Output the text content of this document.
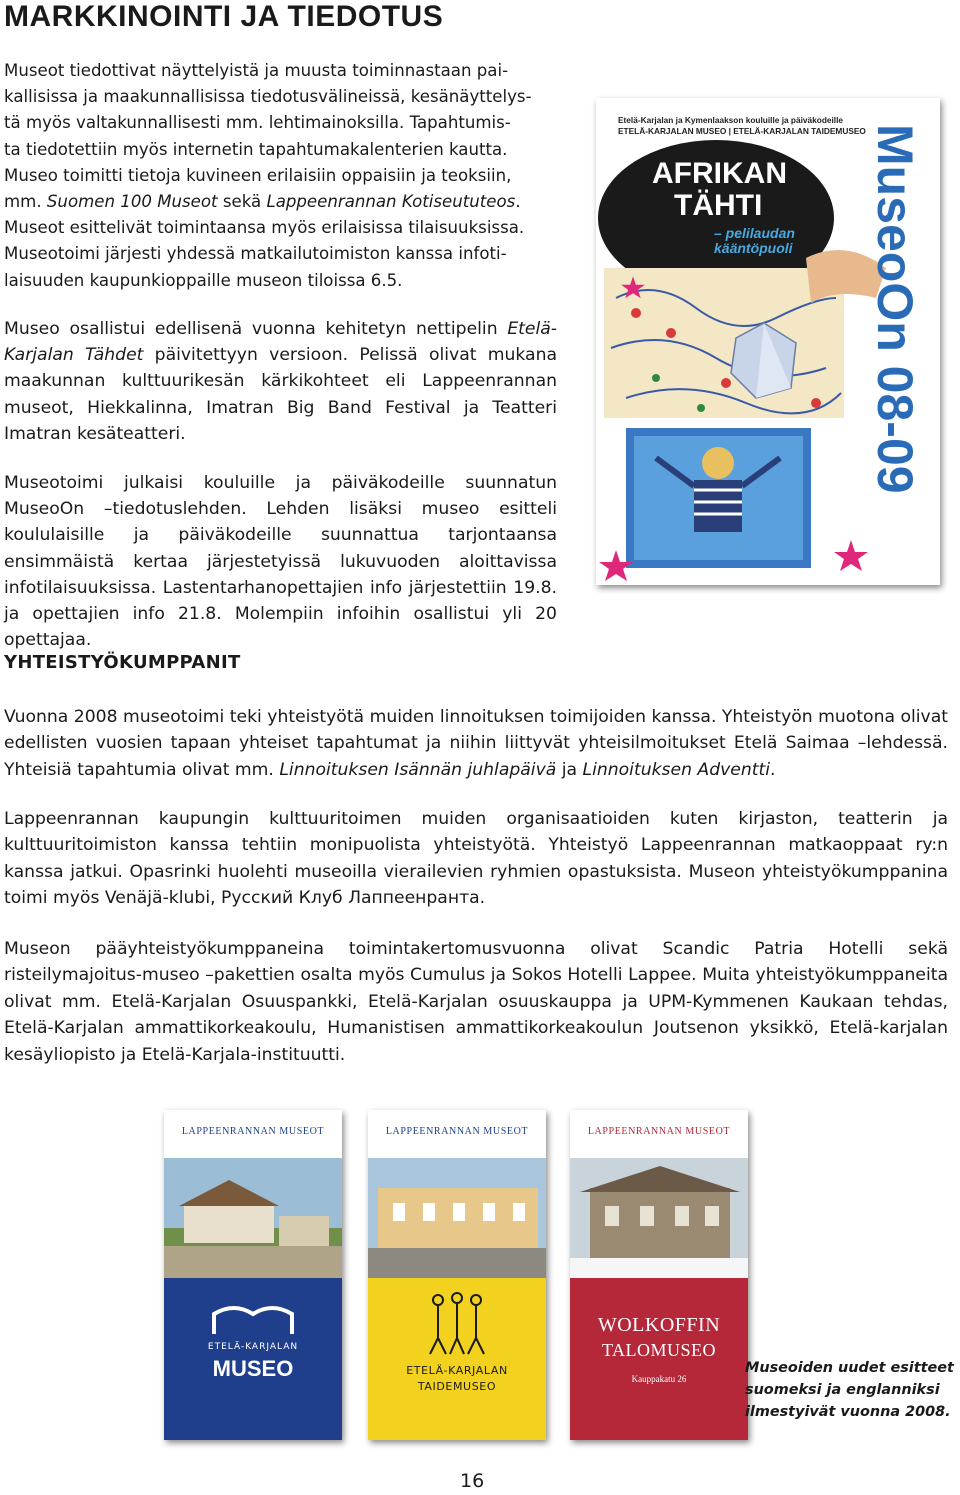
MARKKINOINTI JA TIEDOTUS
Museot tiedottivat näyttelyistä ja muusta toiminnastaan pai-
kallisissa ja maakunnallisissa tiedotusvälineissä, kesänäyttelys-
tä myös valtakunnallisesti mm. lehtimainoksilla. Tapahtumis-
ta tiedotettiin myös internetin tapahtumakalenterien kautta.
Museo toimitti tietoja kuvineen erilaisiin oppaisiin ja teoksiin,
mm. Suomen 100 Museot sekä Lappeenrannan Kotiseututeos.
Museot esittelivät toimintaansa myös erilaisissa tilaisuuksissa.
Museotoimi järjesti yhdessä matkailutoimiston kanssa infoti-
laisuuden kaupunkioppaille museon tiloissa 6.5.
Museo osallistui edellisenä vuonna kehitetyn nettipelin Etelä-Karjalan Tähdet päivitettyyn versioon. Pelissä olivat mukana maakunnan kulttuurikesän kärkikohteet eli Lappeenrannan museot, Hiekkalinna, Imatran Big Band Festival ja Teatteri Imatran kesäteatteri.
Museotoimi julkaisi kouluille ja päiväkodeille suunnatun MuseoOn –tiedotuslehden. Lehden lisäksi museo esitteli koululaisille ja päiväkodeille suunnattua tarjontaansa ensimmäistä kertaa järjestetyissä lukuvuoden aloittavissa infotilaisuuksissa. Lastentarhanopettajien info järjestettiin 19.8. ja opettajien info 21.8. Molempiin infoihin osallistui yli 20 opettajaa.
Etelä-Karjalan ja Kymenlaakson kouluille ja päiväkodeille
ETELÄ-KARJALAN MUSEO | ETELÄ-KARJALAN TAIDEMUSEO
AFRIKAN
TÄHTI
– pelilaudan
kääntöpuoli MuseoOn 08-09
YHTEISTYÖKUMPPANIT
Vuonna 2008 museotoimi teki yhteistyötä muiden linnoituksen toimijoiden kanssa. Yhteistyön muotona olivat edellisten vuosien tapaan yhteiset tapahtumat ja niihin liittyvät yhteisilmoitukset Etelä Saimaa –lehdessä. Yhteisiä tapahtumia olivat mm. Linnoituksen Isännän juhlapäivä ja Linnoituksen Adventti.
Lappeenrannan kaupungin kulttuuritoimen muiden organisaatioiden kuten kirjaston, teatterin ja kulttuuritoimiston kanssa tehtiin monipuolista yhteistyötä. Yhteistyö Lappeenrannan matkaoppaat ry:n kanssa jatkui. Opasrinki huolehti museoilla vierailevien ryhmien opastuksista. Museon yhteistyökumppanina toimi myös Venäjä-klubi, Русский Клуб Лаппеенранта.
Museon pääyhteistyökumppaneina toimintakertomusvuonna olivat Scandic Patria Hotelli sekä risteilymajoitus-museo –pakettien osalta myös Cumulus ja Sokos Hotelli Lappee. Muita yhteistyökumppaneita olivat mm. Etelä-Karjalan Osuuspankki, Etelä-Karjalan osuuskauppa ja UPM-Kymmenen Kaukaan tehdas, Etelä-Karjalan ammattikorkeakoulu, Humanistisen ammattikorkeakoulun Joutsenon yksikkö, Etelä-karjalan kesäyliopisto ja Etelä-Karjala-instituutti.
LAPPEENRANNAN MUSEOT
ETELÄ-KARJALAN
MUSEO
LAPPEENRANNAN MUSEOT
ETELÄ-KARJALAN
TAIDEMUSEO
LAPPEENRANNAN MUSEOT
WOLKOFFIN
TALOMUSEO
Kauppakatu 26
Museoiden uudet esitteet suomeksi ja englanniksi ilmestyivät vuonna 2008.
16
